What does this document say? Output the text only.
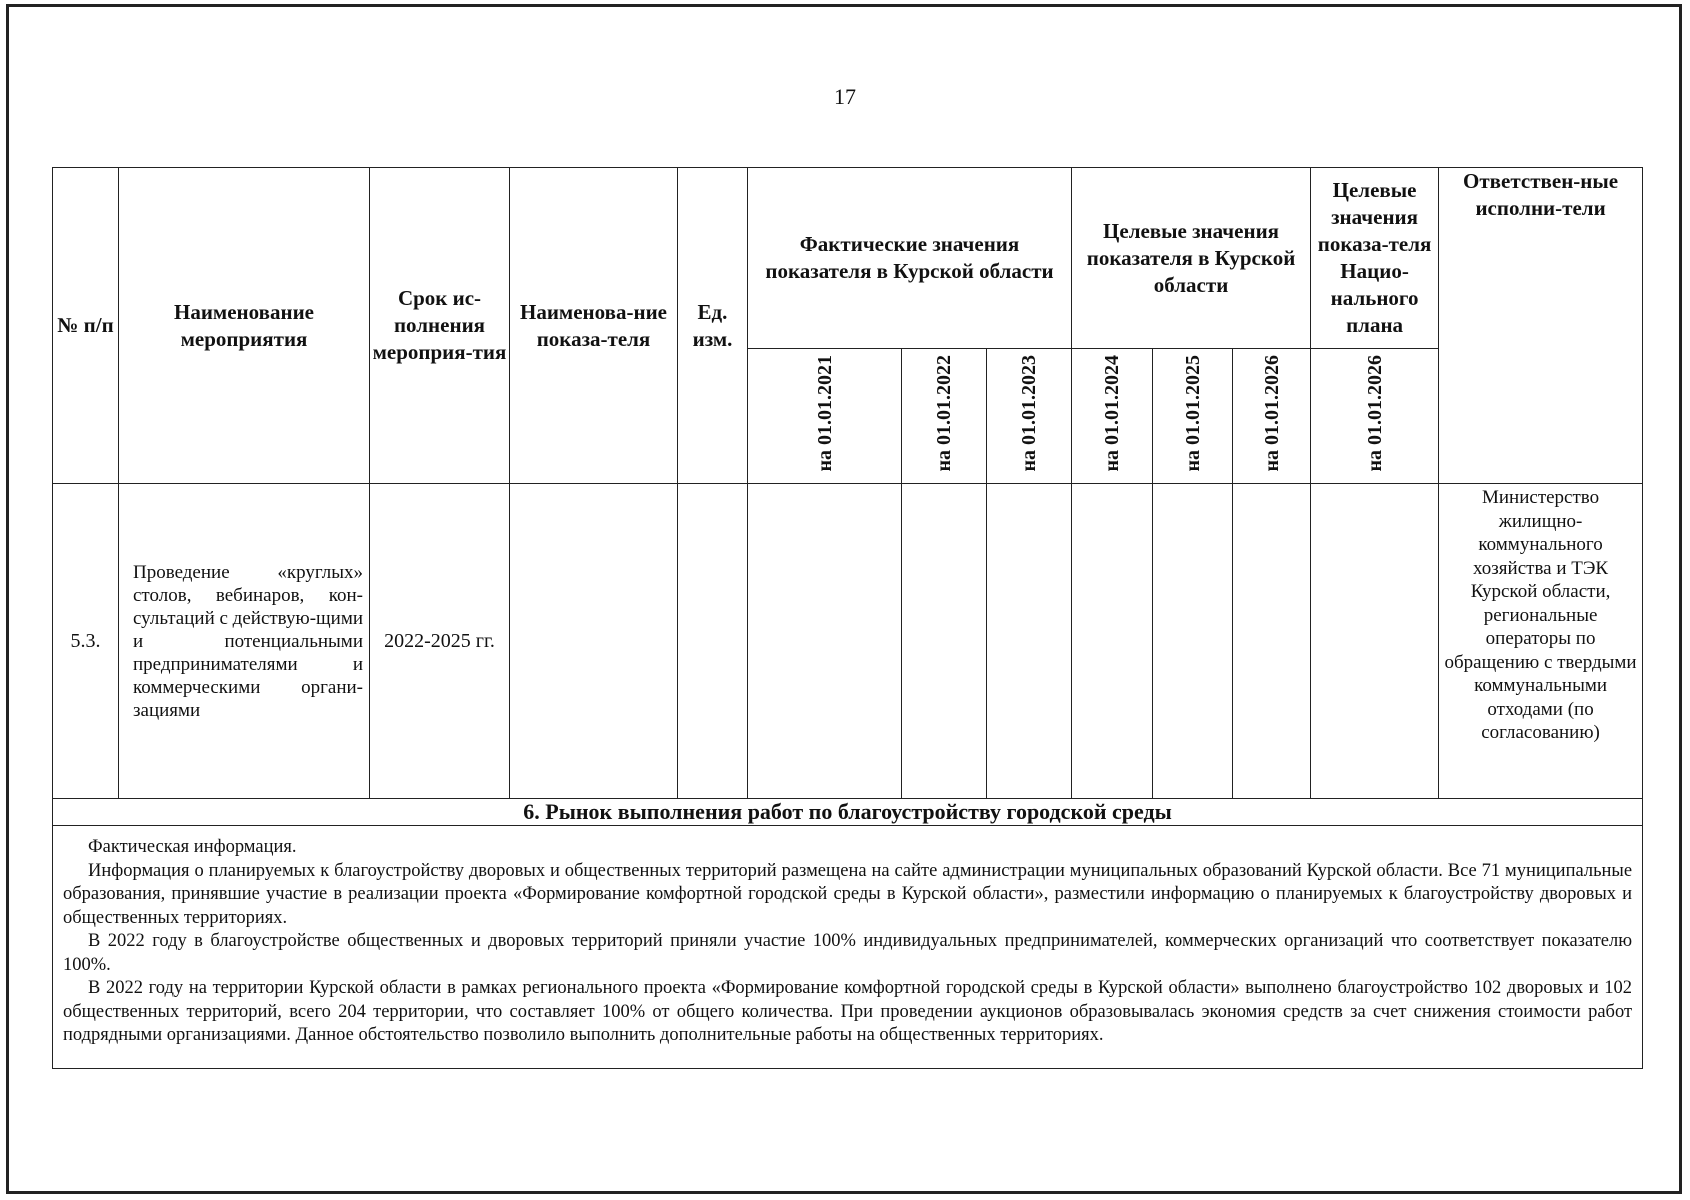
17
№ п/п	Наименование мероприятия	Срок ис-полнения мероприя-тия	Наименова-ние показа-теля	Ед. изм.	Фактические значения показателя в Курской области			Целевые значения показателя в Курской области			Целевые значения показа-теля Нацио-нального плана	Ответствен-ные исполни-тели
					на 01.01.2021	на 01.01.2022	на 01.01.2023	на 01.01.2024	на 01.01.2025	на 01.01.2026	на 01.01.2026	
5.3.	Проведение «круглых» столов, вебинаров, кон-сультаций с действую-щими и потенциальными предпринимателями и коммерческими органи-зациями	2022-2025 гг.										Министерство жилищно-коммунального хозяйства и ТЭК Курской области, региональные операторы по обращению с твердыми коммунальными отходами (по согласованию)
6. Рынок выполнения работ по благоустройству городской среды												

Фактическая информация.

Информация о планируемых к благоустройству дворовых и общественных территорий размещена на сайте администрации муниципальных образований Курской области. Все 71 муниципальные образования, принявшие участие в реализации проекта «Формирование комфортной городской среды в Курской области», разместили информацию о планируемых к благоустройству дворовых и общественных территориях.

В 2022 году в благоустройстве общественных и дворовых территорий приняли участие 100% индивидуальных предпринимателей, коммерческих организаций что соответствует показателю 100%.

В 2022 году на территории Курской области в рамках регионального проекта «Формирование комфортной городской среды в Курской области» выполнено благоустройство 102 дворовых и 102 общественных территорий, всего 204 территории, что составляет 100% от общего количества. При проведении аукционов образовывалась экономия средств за счет снижения стоимости работ подрядными организациями. Данное обстоятельство позволило выполнить дополнительные работы на общественных территориях.												
